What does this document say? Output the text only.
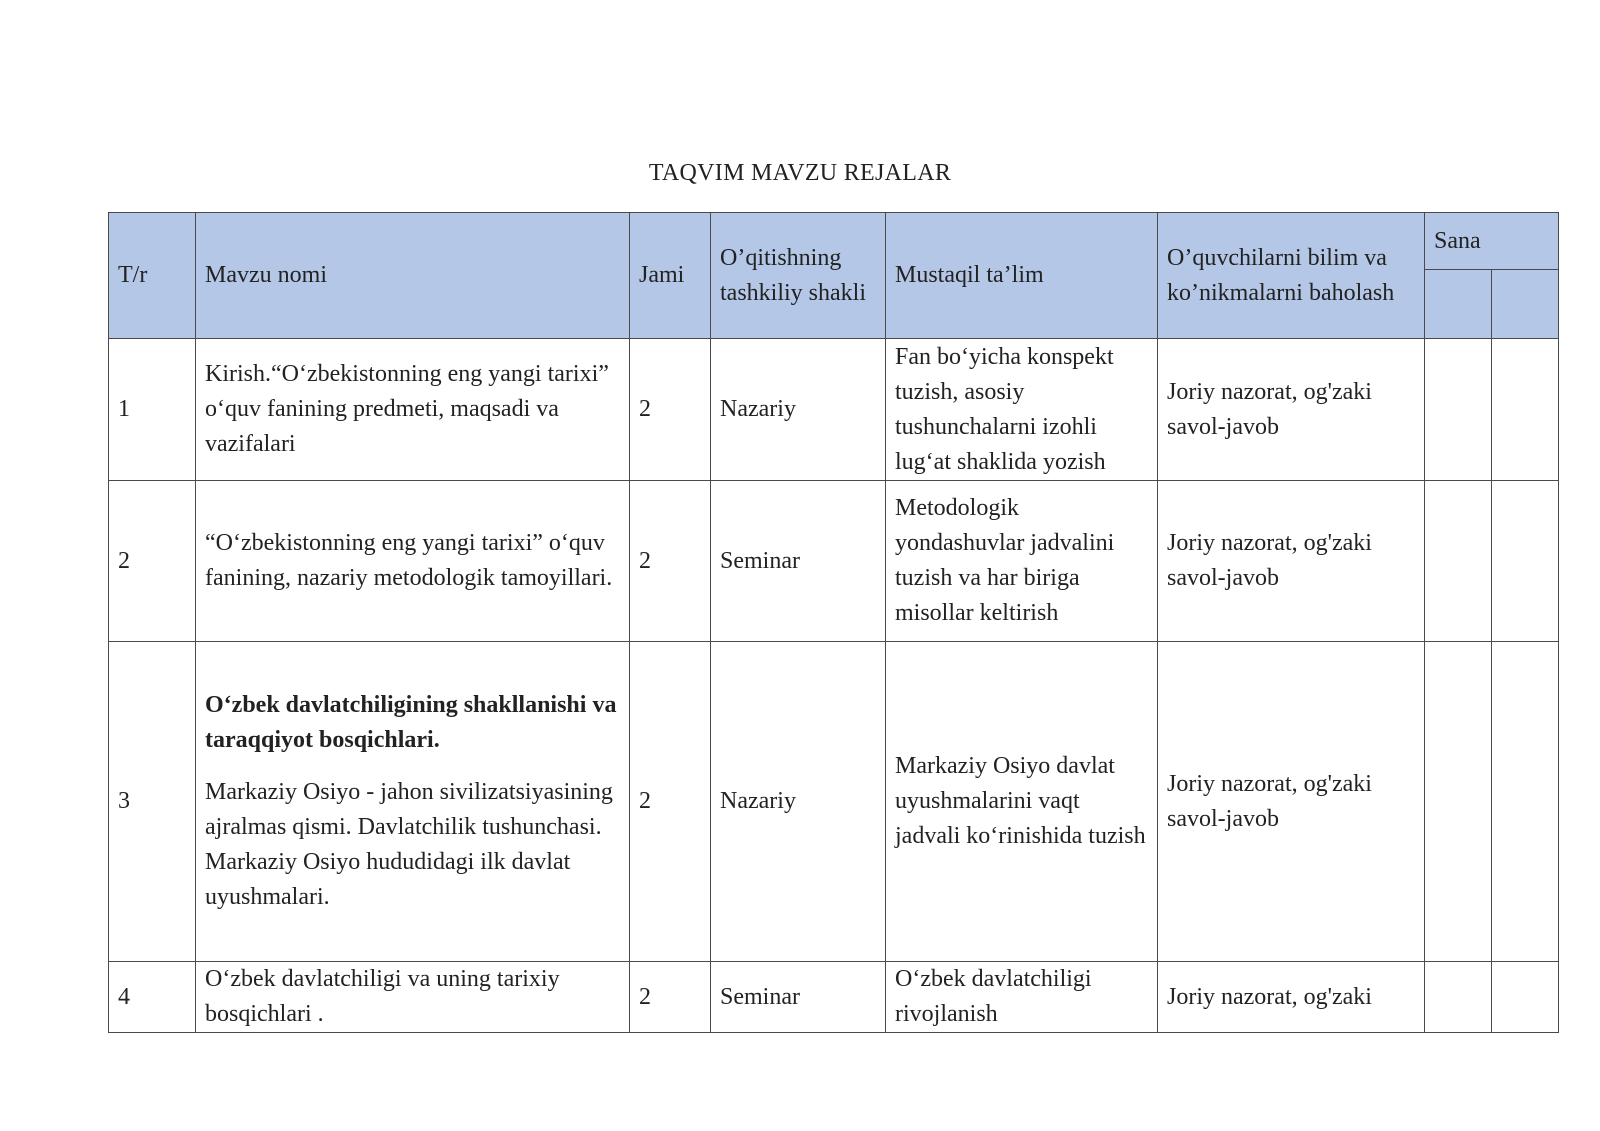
TAQVIM MAVZU REJALAR
T/r	Mavzu nomi	Jami	O’qitishning tashkiliy shakli	Mustaqil ta’lim	O’quvchilarni bilim va ko’nikmalarni baholash	Sana	

1	Kirish.“O‘zbekistonning eng yangi tarixi” o‘quv fanining predmeti, maqsadi va vazifalari	2	Nazariy	Fan bo‘yicha konspekt tuzish, asosiy tushunchalarni izohli lug‘at shaklida yozish	Joriy nazorat, og'zaki savol-javob		
2	“O‘zbekistonning eng yangi tarixi” o‘quv fanining, nazariy metodologik tamoyillari.	2	Seminar	Metodologik yondashuvlar jadvalini tuzish va har biriga misollar keltirish	Joriy nazorat, og'zaki savol-javob		
3	O‘zbek davlatchiligining shakllanishi va taraqqiyot bosqichlari.
Markaziy Osiyo - jahon sivilizatsiyasining ajralmas qismi. Davlatchilik tushunchasi. Markaziy Osiyo hududidagi ilk davlat uyushmalari.	2	Nazariy	Markaziy Osiyo davlat uyushmalarini vaqt jadvali ko‘rinishida tuzish	Joriy nazorat, og'zaki savol-javob		
4	O‘zbek davlatchiligi va uning tarixiy bosqichlari .	2	Seminar	O‘zbek davlatchiligi rivojlanish	Joriy nazorat, og'zaki		
